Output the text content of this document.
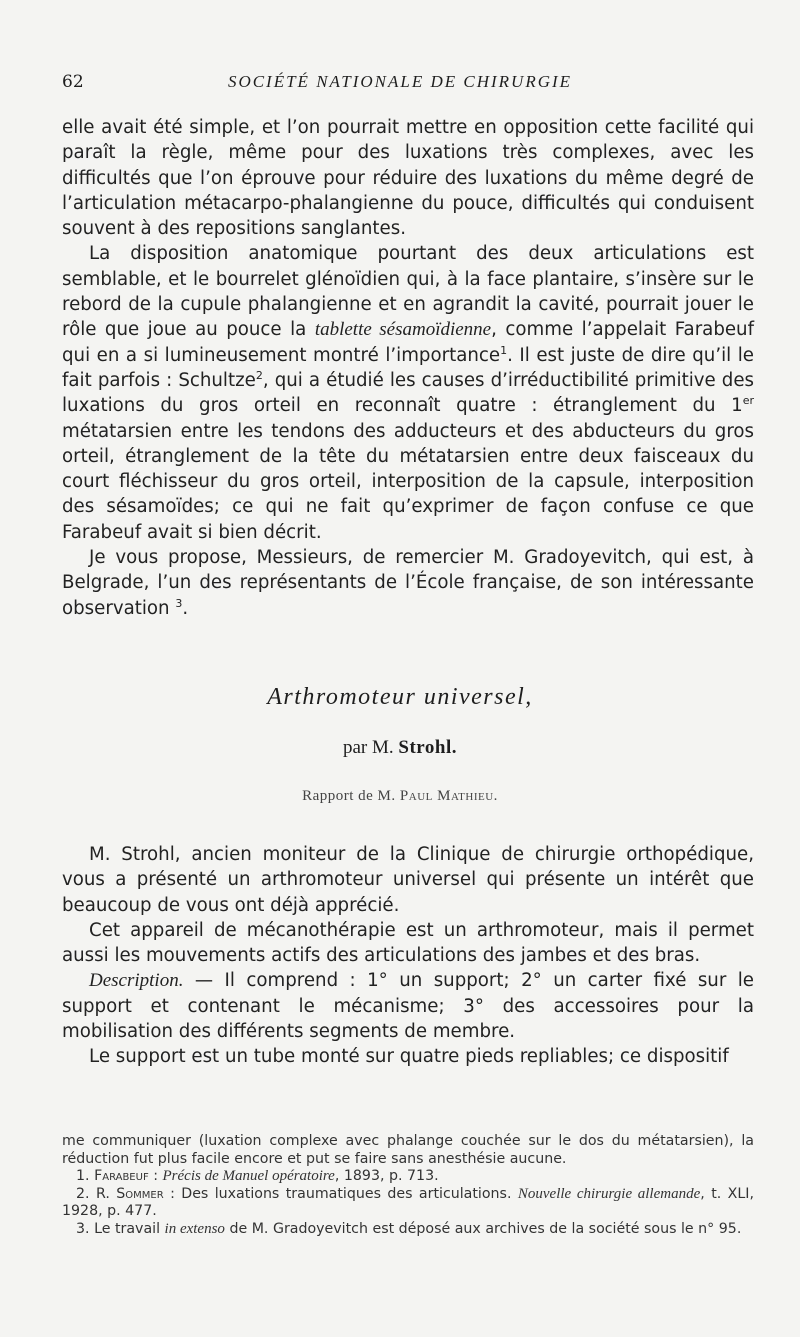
62	SOCIÉTÉ NATIONALE DE CHIRURGIE

elle avait été simple, et l’on pourrait mettre en opposition cette facilité qui paraît la règle, même pour des luxations très complexes, avec les difficultés que l’on éprouve pour réduire des luxations du même degré de l’articulation métacarpo-phalangienne du pouce, difficultés qui conduisent souvent à des repositions sanglantes.

La disposition anatomique pourtant des deux articulations est semblable, et le bourrelet glénoïdien qui, à la face plantaire, s’insère sur le rebord de la cupule phalangienne et en agrandit la cavité, pourrait jouer le rôle que joue au pouce la tablette sésamoïdienne, comme l’appelait Farabeuf qui en a si lumineusement montré l’importance$^1$. Il est juste de dire qu’il le fait parfois : Schultze$^2$, qui a étudié les causes d’irréductibilité primitive des luxations du gros orteil en reconnaît quatre : étranglement du 1er métatarsien entre les tendons des adducteurs et des abducteurs du gros orteil, étranglement de la tête du métatarsien entre deux faisceaux du court fléchisseur du gros orteil, interposition de la capsule, interposition des sésamoïdes; ce qui ne fait qu’exprimer de façon confuse ce que Farabeuf avait si bien décrit.

Je vous propose, Messieurs, de remercier M. Gradoyevitch, qui est, à Belgrade, l’un des représentants de l’École française, de son intéressante observation $^3$.

Arthromoteur universel,
par M. Strohl.
Rapport de M. Paul Mathieu.

M. Strohl, ancien moniteur de la Clinique de chirurgie orthopédique, vous a présenté un arthromoteur universel qui présente un intérêt que beaucoup de vous ont déjà apprécié.

Cet appareil de mécanothérapie est un arthromoteur, mais il permet aussi les mouvements actifs des articulations des jambes et des bras.

Description. — Il comprend : 1° un support; 2° un carter fixé sur le support et contenant le mécanisme; 3° des accessoires pour la mobilisation des différents segments de membre.

Le support est un tube monté sur quatre pieds repliables; ce dispositif

me communiquer (luxation complexe avec phalange couchée sur le dos du métatarsien), la réduction fut plus facile encore et put se faire sans anesthésie aucune.

1. Farabeuf : Précis de Manuel opératoire, 1893, p. 713.

2. R. Sommer : Des luxations traumatiques des articulations. Nouvelle chirurgie allemande, t. XLI, 1928, p. 477.

3. Le travail in extenso de M. Gradoyevitch est déposé aux archives de la société sous le n° 95.
